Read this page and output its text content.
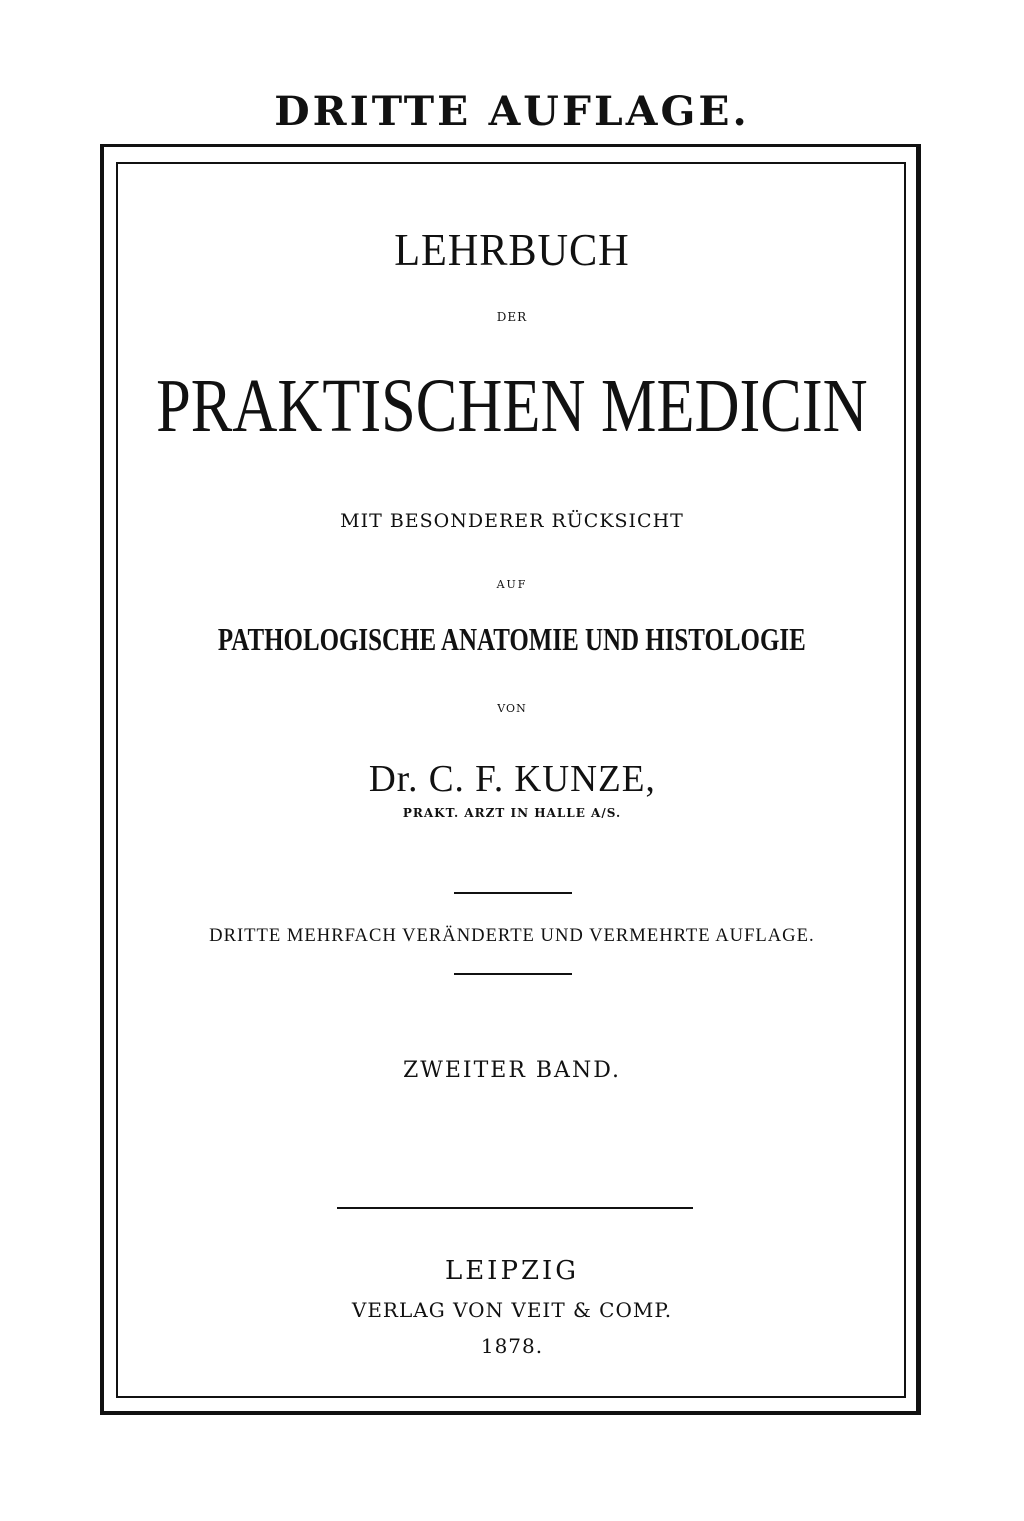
DRITTE AUFLAGE.
LEHRBUCH
DER
PRAKTISCHEN MEDICIN
MIT BESONDERER RÜCKSICHT
AUF
PATHOLOGISCHE ANATOMIE UND HISTOLOGIE
VON
Dr. C. F. KUNZE,
PRAKT. ARZT IN HALLE A/S.
DRITTE MEHRFACH VERÄNDERTE UND VERMEHRTE AUFLAGE.
ZWEITER BAND.
LEIPZIG
VERLAG VON VEIT & COMP.
1878.
